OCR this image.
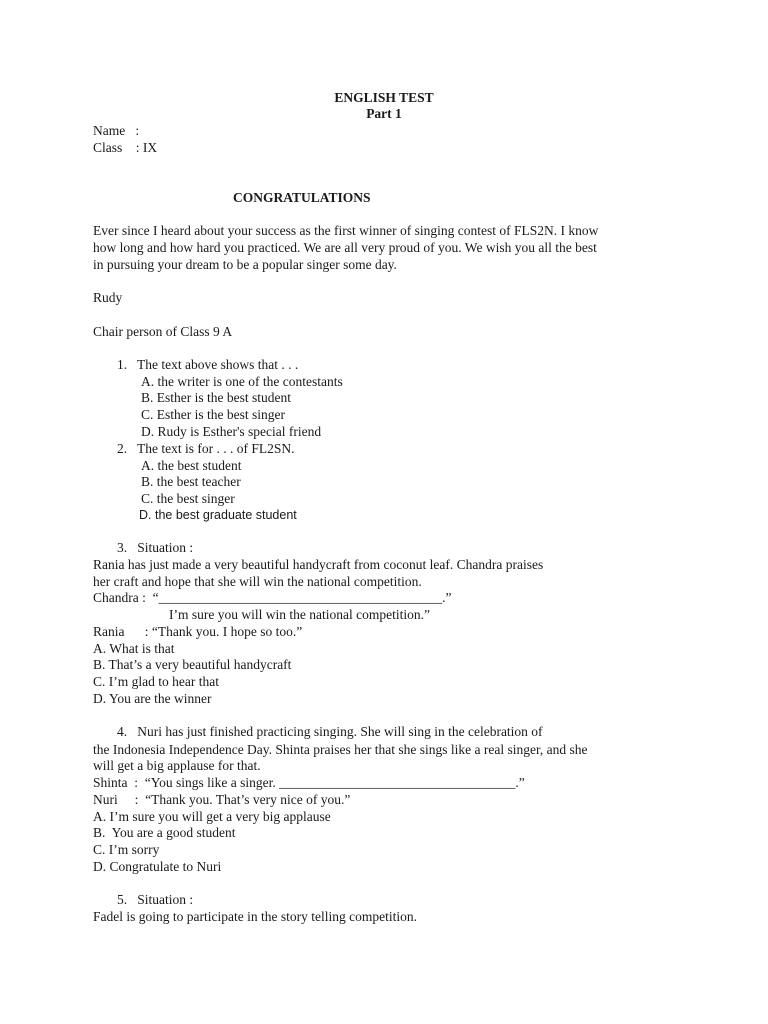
ENGLISH TEST
Part 1
Name   :
Class    : IX
CONGRATULATIONS
Ever since I heard about your success as the first winner of singing contest of FLS2N. I know
how long and how hard you practiced. We are all very proud of you. We wish you all the best
in pursuing your dream to be a popular singer some day.
Rudy
Chair person of Class 9 A
1.   The text above shows that . . .
A. the writer is one of the contestants
B. Esther is the best student
C. Esther is the best singer
D. Rudy is Esther's special friend
2.   The text is for . . . of FL2SN.
A. the best student
B. the best teacher
C. the best singer
D. the best graduate student
3.   Situation :
Rania has just made a very beautiful handycraft from coconut leaf. Chandra praises
her craft and hope that she will win the national competition.
Chandra :  “__________________________________________.”
I’m sure you will win the national competition.”
Rania      : “Thank you. I hope so too.”
A. What is that
B. That’s a very beautiful handycraft
C. I’m glad to hear that
D. You are the winner
4.   Nuri has just finished practicing singing. She will sing in the celebration of
the Indonesia Independence Day. Shinta praises her that she sings like a real singer, and she
will get a big applause for that.
Shinta  :  “You sings like a singer. ___________________________________.”
Nuri     :  “Thank you. That’s very nice of you.”
A. I’m sure you will get a very big applause
B.  You are a good student
C. I’m sorry
D. Congratulate to Nuri
5.   Situation :
Fadel is going to participate in the story telling competition.
